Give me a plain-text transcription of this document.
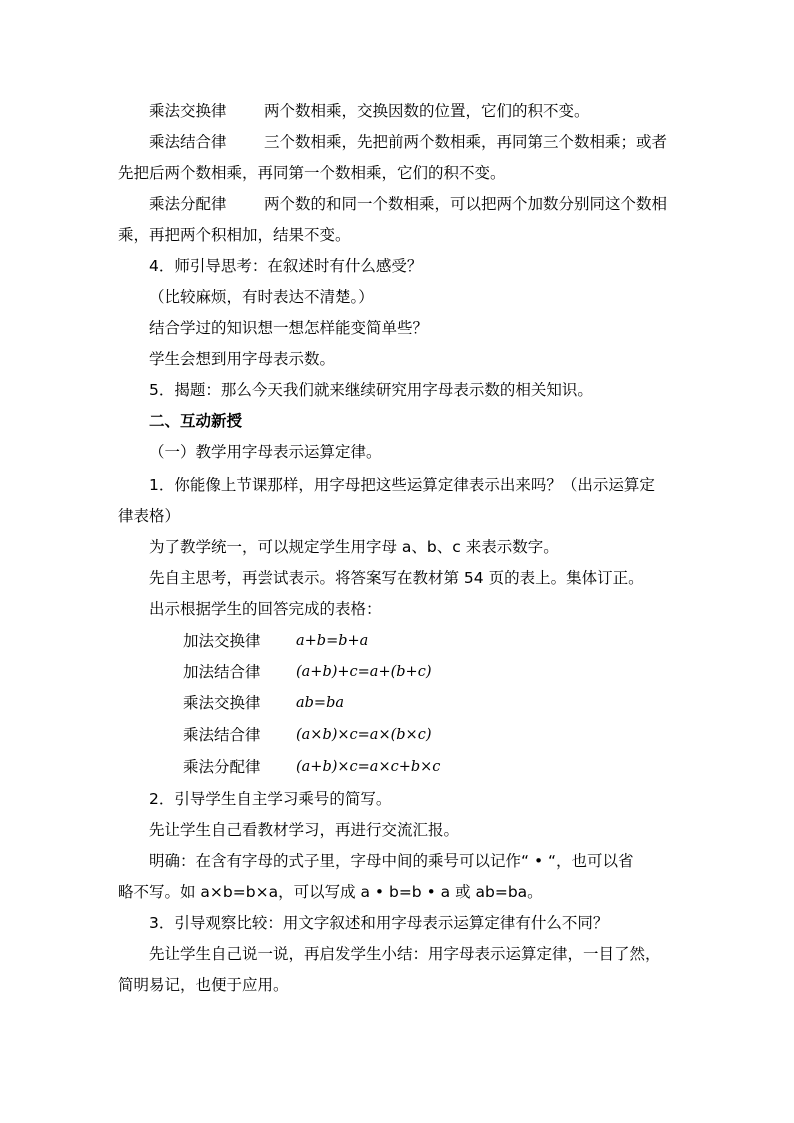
乘法交换律 两个数相乘，交换因数的位置，它们的积不变。
乘法结合律 三个数相乘，先把前两个数相乘，再同第三个数相乘；或者
先把后两个数相乘，再同第一个数相乘，它们的积不变。
乘法分配律 两个数的和同一个数相乘，可以把两个加数分别同这个数相
乘，再把两个积相加，结果不变。
4．师引导思考：在叙述时有什么感受？
（比较麻烦，有时表达不清楚。）
结合学过的知识想一想怎样能变简单些？
学生会想到用字母表示数。
5．揭题：那么今天我们就来继续研究用字母表示数的相关知识。
二、互动新授
（一）教学用字母表示运算定律。
1．你能像上节课那样，用字母把这些运算定律表示出来吗？（出示运算定
律表格）
为了教学统一，可以规定学生用字母 a、b、c 来表示数字。
先自主思考，再尝试表示。将答案写在教材第 54 页的表上。集体订正。
出示根据学生的回答完成的表格：
加法交换律 a+b=b+a
加法结合律 (a+b)+c=a+(b+c)
乘法交换律 ab=ba
乘法结合律 (a×b)×c=a×(b×c)
乘法分配律 (a+b)×c=a×c+b×c
2．引导学生自主学习乘号的简写。
先让学生自己看教材学习，再进行交流汇报。
明确：在含有字母的式子里，字母中间的乘号可以记作“ • “，也可以省
略不写。如 a×b=b×a，可以写成 a • b=b • a 或 ab=ba。
3．引导观察比较：用文字叙述和用字母表示运算定律有什么不同？
先让学生自己说一说，再启发学生小结：用字母表示运算定律，一目了然，
简明易记，也便于应用。
